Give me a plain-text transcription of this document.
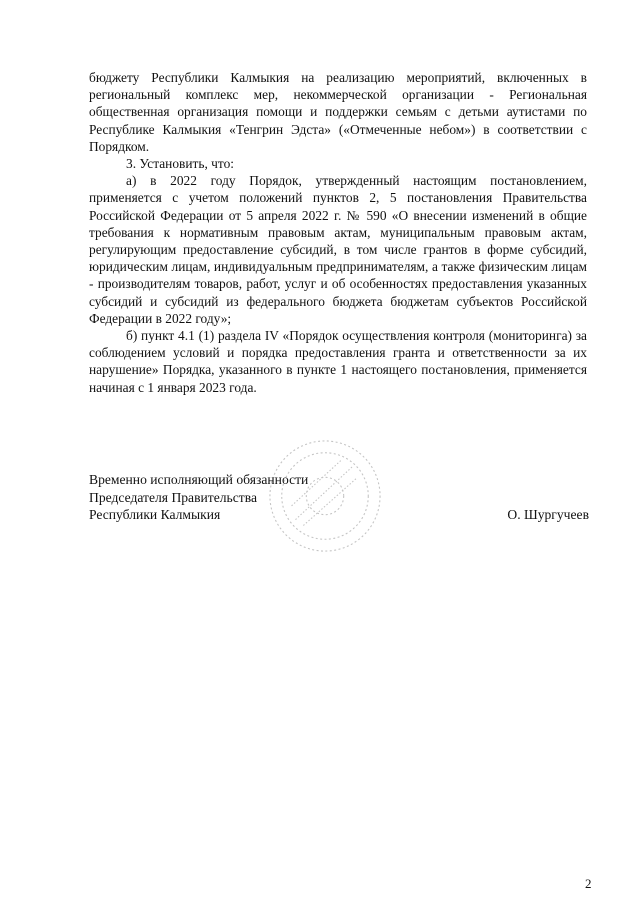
бюджету Республики Калмыкия на реализацию мероприятий, включенных в региональный комплекс мер, некоммерческой организации - Региональная общественная организация помощи и поддержки семьям с детьми аутистами по Республике Калмыкия «Тенгрин Эдста» («Отмеченные небом») в соответствии с Порядком.

3. Установить, что:

а) в 2022 году Порядок, утвержденный настоящим постановлением, применяется с учетом положений пунктов 2, 5 постановления Правительства Российской Федерации от 5 апреля 2022 г. № 590 «О внесении изменений в общие требования к нормативным правовым актам, муниципальным правовым актам, регулирующим предоставление субсидий, в том числе грантов в форме субсидий, юридическим лицам, индивидуальным предпринимателям, а также физическим лицам - производителям товаров, работ, услуг и об особенностях предоставления указанных субсидий и субсидий из федерального бюджета бюджетам субъектов Российской Федерации в 2022 году»;

б) пункт 4.1 (1) раздела IV «Порядок осуществления контроля (мониторинга) за соблюдением условий и порядка предоставления гранта и ответственности за их нарушение» Порядка, указанного в пункте 1 настоящего постановления, применяется начиная с 1 января 2023 года.

Временно исполняющий обязанности
Председателя Правительства
Республики Калмыкия	О. Шургучеев
2
